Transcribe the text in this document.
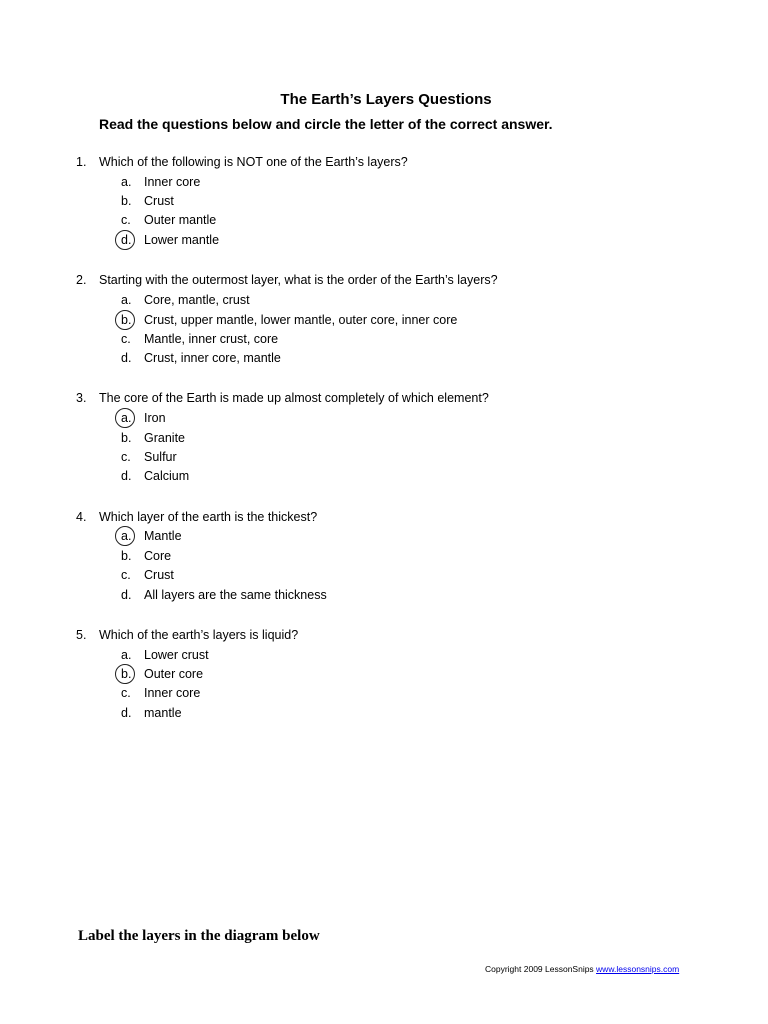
The Earth’s Layers Questions
Read the questions below and circle the letter of the correct answer.
1. Which of the following is NOT one of the Earth’s layers?
a. Inner core
b. Crust
c. Outer mantle
d. Lower mantle
2. Starting with the outermost layer, what is the order of the Earth’s layers?
a. Core, mantle, crust
b. Crust, upper mantle, lower mantle, outer core, inner core
c. Mantle, inner crust, core
d. Crust, inner core, mantle
3. The core of the Earth is made up almost completely of which element?
a. Iron
b. Granite
c. Sulfur
d. Calcium
4. Which layer of the earth is the thickest?
a. Mantle
b. Core
c. Crust
d. All layers are the same thickness
5. Which of the earth’s layers is liquid?
a. Lower crust
b. Outer core
c. Inner core
d. mantle
Label the layers in the diagram below
Copyright 2009 LessonSnips www.lessonsnips.com
